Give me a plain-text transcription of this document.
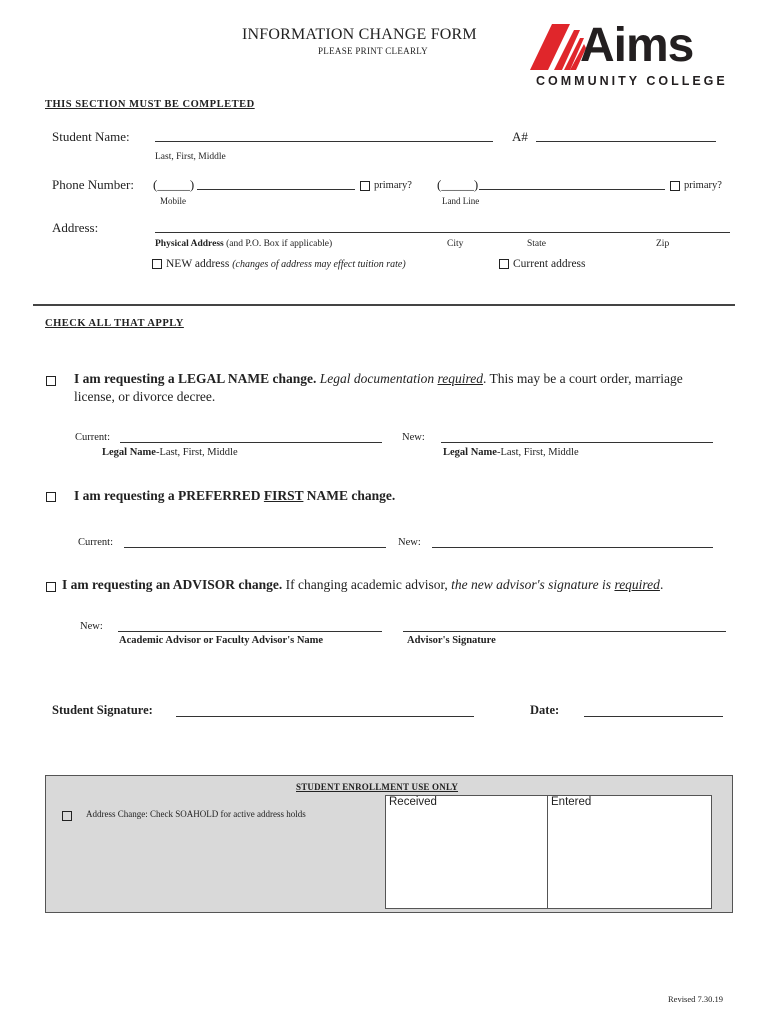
INFORMATION CHANGE FORM
PLEASE PRINT CLEARLY	Aims
COMMUNITY COLLEGE
THIS SECTION MUST BE COMPLETED
Student Name:	A#
Last, First, Middle
Phone Number: (_____)	primary?
Mobile
(_____)	primary?
Land Line
Address:
Physical Address (and P.O. Box if applicable)	City	State	Zip
NEW address (changes of address may effect tuition rate)	Current address
CHECK ALL THAT APPLY
I am requesting a LEGAL NAME change. Legal documentation required. This may be a court order, marriage
license, or divorce decree.
Current:	New:
Legal Name-Last, First, Middle	Legal Name-Last, First, Middle
I am requesting a PREFERRED FIRST NAME change.
Current:	New:
I am requesting an ADVISOR change. If changing academic advisor, the new advisor's signature is required.
New:
Academic Advisor or Faculty Advisor's Name	Advisor's Signature
Student Signature:	Date:
STUDENT ENROLLMENT USE ONLY
Address Change: Check SOAHOLD for active address holds
Received	Entered
Revised 7.30.19
